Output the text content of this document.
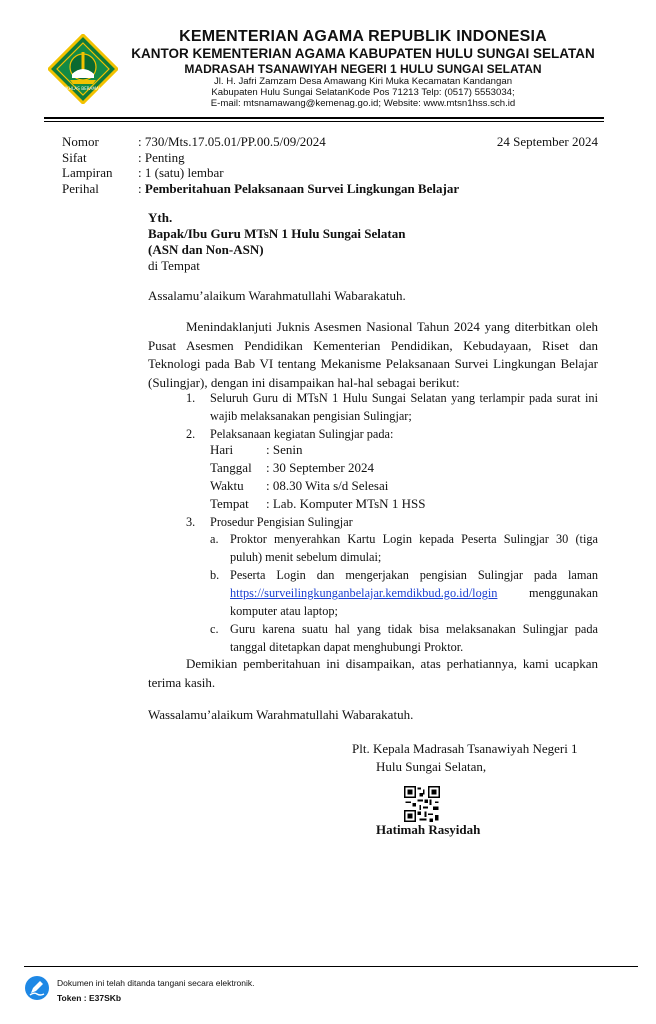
IKHLAS BERAMAL
KEMENTERIAN AGAMA REPUBLIK INDONESIA
KANTOR KEMENTERIAN AGAMA KABUPATEN HULU SUNGAI SELATAN
MADRASAH TSANAWIYAH NEGERI 1 HULU SUNGAI SELATAN
Jl. H. Jafri Zamzam Desa Amawang Kiri Muka Kecamatan Kandangan
Kabupaten Hulu Sungai SelatanKode Pos 71213 Telp: (0517) 5553034;
E-mail: mtsnamawang@kemenag.go.id; Website: www.mtsn1hss.sch.id
Nomor	: 730/Mts.17.05.01/PP.00.5/09/2024	24 September 2024
Sifat	: Penting
Lampiran : 1 (satu) lembar
Perihal	: Pemberitahuan Pelaksanaan Survei Lingkungan Belajar
Yth.
Bapak/Ibu Guru MTsN 1 Hulu Sungai Selatan
(ASN dan Non-ASN)
di Tempat
Assalamu’alaikum Warahmatullahi Wabarakatuh.
Menindaklanjuti Juknis Asesmen Nasional Tahun 2024 yang diterbitkan oleh Pusat Asesmen Pendidikan Kementerian Pendidikan, Kebudayaan, Riset dan Teknologi pada Bab VI tentang Mekanisme Pelaksanaan Survei Lingkungan Belajar (Sulingjar), dengan ini disampaikan hal-hal sebagai berikut:
1. Seluruh Guru di MTsN 1 Hulu Sungai Selatan yang terlampir pada surat ini wajib melaksanakan pengisian Sulingjar;
2. Pelaksanaan kegiatan Sulingjar pada:
Hari	: Senin
Tanggal : 30 September 2024
Waktu : 08.30 Wita s/d Selesai
Tempat : Lab. Komputer MTsN 1 HSS
3. Prosedur Pengisian Sulingjar
a. Proktor menyerahkan Kartu Login kepada Peserta Sulingjar 30 (tiga puluh) menit sebelum dimulai;
b. Peserta Login dan mengerjakan pengisian Sulingjar pada laman https://surveilingkunganbelajar.kemdikbud.go.id/login menggunakan komputer atau laptop;
c. Guru karena suatu hal yang tidak bisa melaksanakan Sulingjar pada tanggal ditetapkan dapat menghubungi Proktor.
Demikian pemberitahuan ini disampaikan, atas perhatiannya, kami ucapkan terima kasih.
Wassalamu’alaikum Warahmatullahi Wabarakatuh.
Plt. Kepala Madrasah Tsanawiyah Negeri 1
Hulu Sungai Selatan,
Hatimah Rasyidah
Dokumen ini telah ditanda tangani secara elektronik.
Token : E37SKb
